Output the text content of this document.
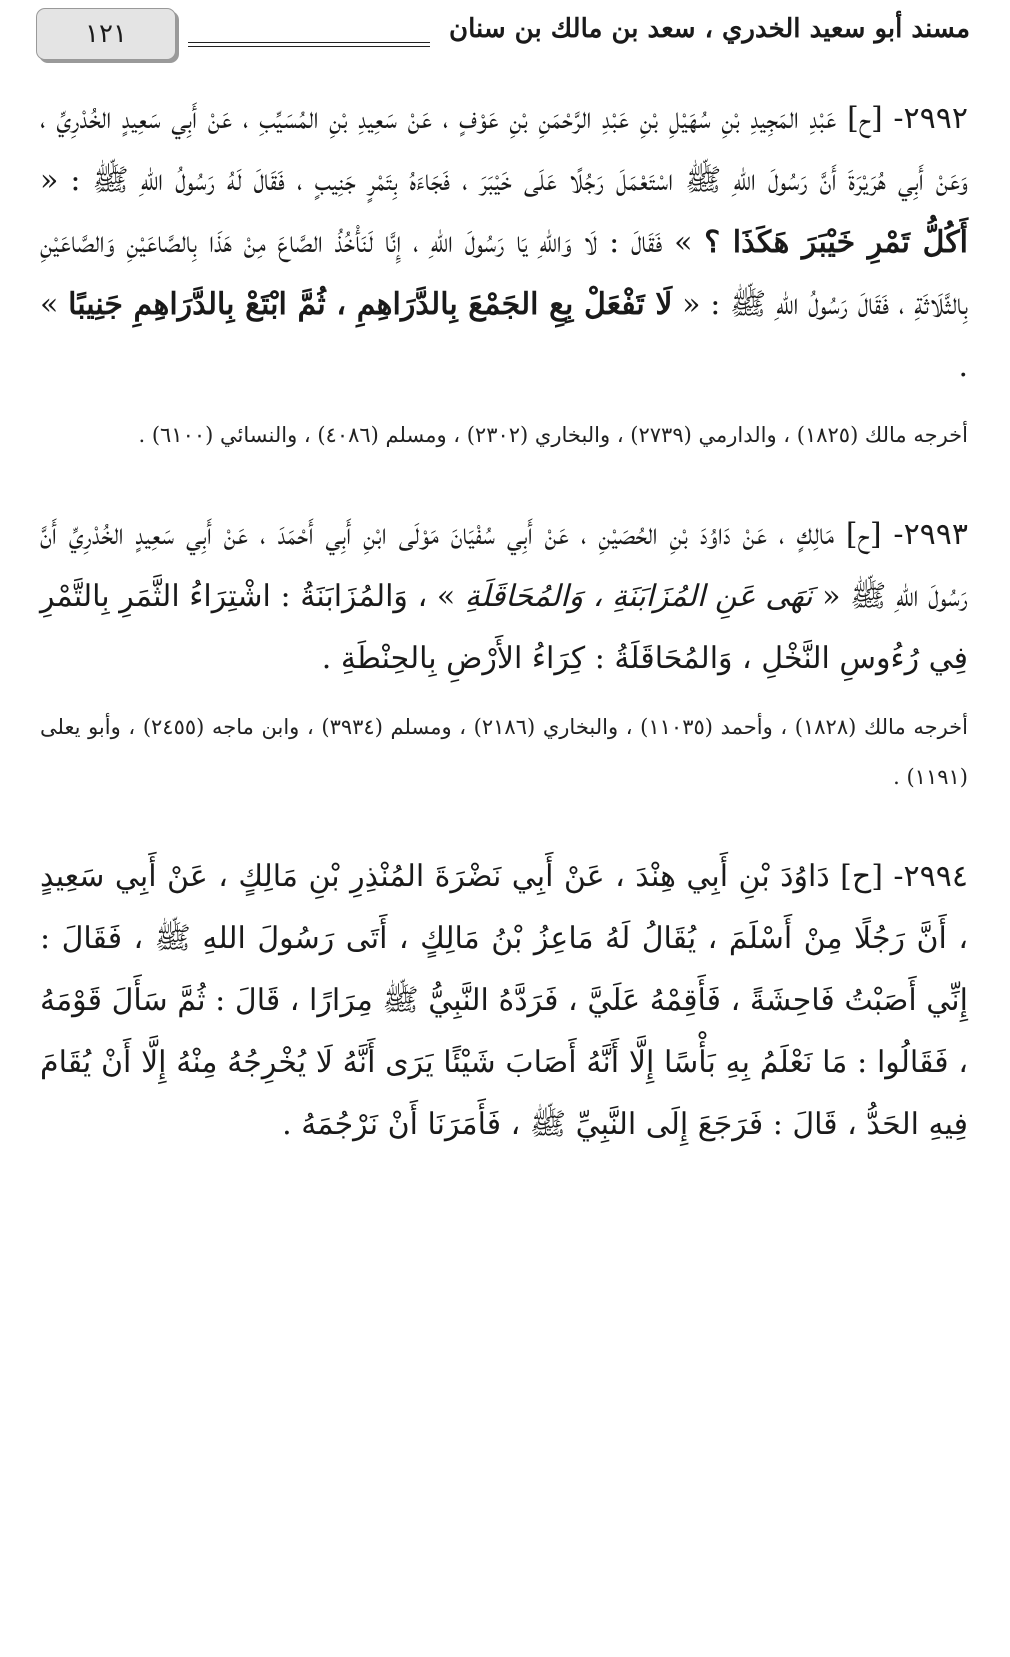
مسند أبو سعيد الخدري ، سعد بن مالك بن سنان
١٢١

٢٩٩٢- [ح] عَبْدِ المَجِيدِ بْنِ سُهَيْلِ بْنِ عَبْدِ الرَّحْمَنِ بْنِ عَوْفٍ ، عَنْ سَعِيدِ بْنِ المُسَيِّبِ ، عَنْ أَبِي سَعِيدٍ الخُدْرِيِّ ، وَعَنْ أَبِي هُرَيْرَةَ أَنَّ رَسُولَ اللهِ ﷺ اسْتَعْمَلَ رَجُلًا عَلَى خَيْبَرَ ، فَجَاءَهُ بِتَمْرٍ جَنِيبٍ ، فَقَالَ لَهُ رَسُولُ اللهِ ﷺ : « أَكُلُّ تَمْرِ خَيْبَرَ هَكَذَا ؟ » فَقَالَ : لَا وَاللهِ يَا رَسُولَ اللهِ ، إِنَّا لَنَأْخُذُ الصَّاعَ مِنْ هَذَا بِالصَّاعَيْنِ وَالصَّاعَيْنِ بِالثَّلَاثَةِ ، فَقَالَ رَسُولُ اللهِ ﷺ : « لَا تَفْعَلْ بِعِ الجَمْعَ بِالدَّرَاهِمِ ، ثُمَّ ابْتَعْ بِالدَّرَاهِمِ جَنِيبًا » .

أخرجه مالك (١٨٢٥) ، والدارمي (٢٧٣٩) ، والبخاري (٢٣٠٢) ، ومسلم (٤٠٨٦) ، والنسائي (٦١٠٠) .

٢٩٩٣- [ح] مَالِكٍ ، عَنْ دَاوُدَ بْنِ الحُصَيْنِ ، عَنْ أَبِي سُفْيَانَ مَوْلَى ابْنِ أَبِي أَحْمَدَ ، عَنْ أَبِي سَعِيدٍ الخُدْرِيِّ أَنَّ رَسُولَ اللهِ ﷺ « نَهَى عَنِ المُزَابَنَةِ ، وَالمُحَاقَلَةِ » ، وَالمُزَابَنَةُ : اشْتِرَاءُ الثَّمَرِ بِالتَّمْرِ فِي رُءُوسِ النَّخْلِ ، وَالمُحَاقَلَةُ : كِرَاءُ الأَرْضِ بِالحِنْطَةِ .

أخرجه مالك (١٨٢٨) ، وأحمد (١١٠٣٥) ، والبخاري (٢١٨٦) ، ومسلم (٣٩٣٤) ، وابن ماجه (٢٤٥٥) ، وأبو يعلى (١١٩١) .

٢٩٩٤- [ح] دَاوُدَ بْنِ أَبِي هِنْدَ ، عَنْ أَبِي نَضْرَةَ المُنْذِرِ بْنِ مَالِكٍ ، عَنْ أَبِي سَعِيدٍ ، أَنَّ رَجُلًا مِنْ أَسْلَمَ ، يُقَالُ لَهُ مَاعِزُ بْنُ مَالِكٍ ، أَتَى رَسُولَ اللهِ ﷺ ، فَقَالَ : إِنِّي أَصَبْتُ فَاحِشَةً ، فَأَقِمْهُ عَلَيَّ ، فَرَدَّهُ النَّبِيُّ ﷺ مِرَارًا ، قَالَ : ثُمَّ سَأَلَ قَوْمَهُ ، فَقَالُوا : مَا نَعْلَمُ بِهِ بَأْسًا إِلَّا أَنَّهُ أَصَابَ شَيْئًا يَرَى أَنَّهُ لَا يُخْرِجُهُ مِنْهُ إِلَّا أَنْ يُقَامَ فِيهِ الحَدُّ ، قَالَ : فَرَجَعَ إِلَى النَّبِيِّ ﷺ ، فَأَمَرَنَا أَنْ نَرْجُمَهُ .
